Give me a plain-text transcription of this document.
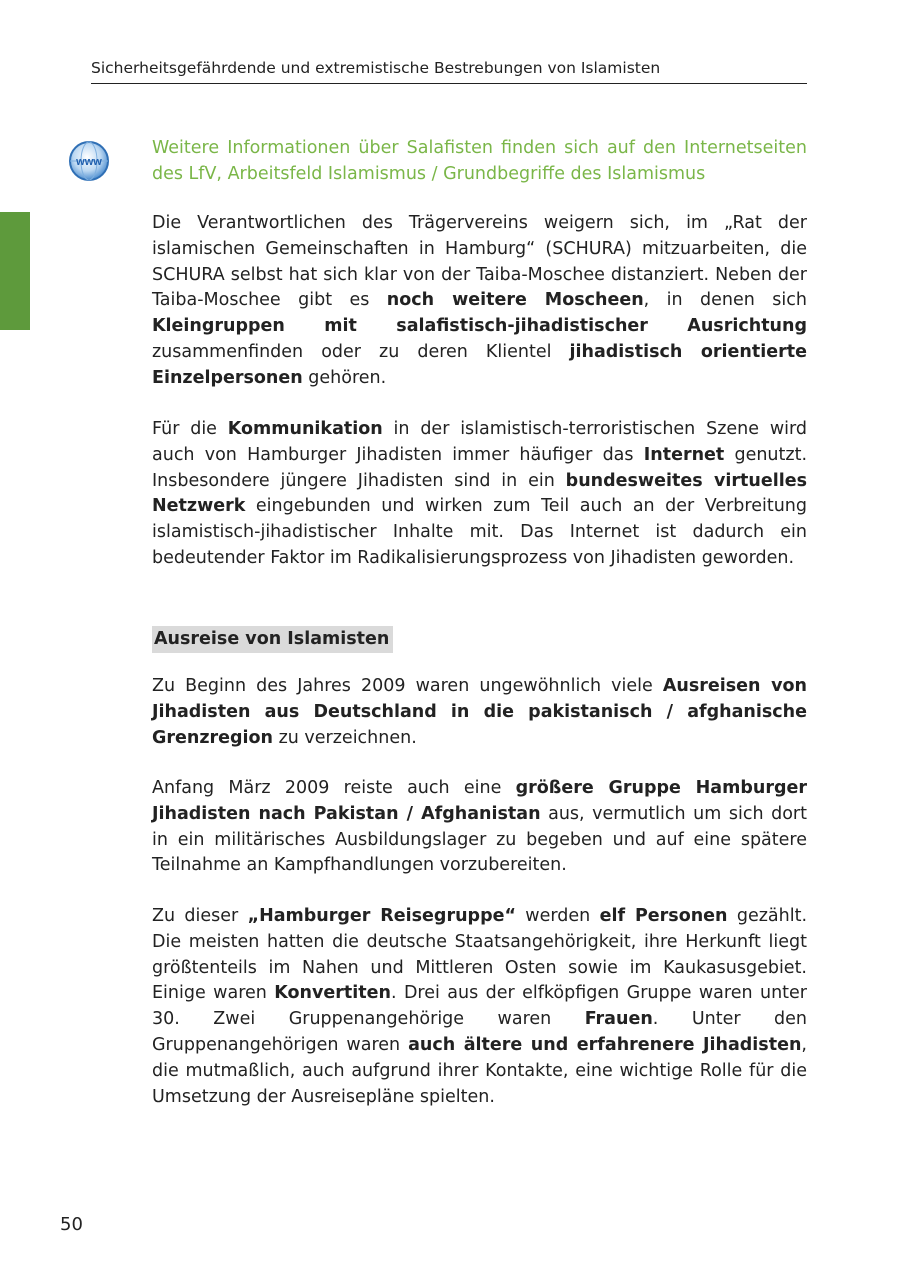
Sicherheitsgefährdende und extremistische Bestrebungen von Islamisten
www
Weitere Informationen über Salafisten finden sich auf den Internetseiten
des LfV, Arbeitsfeld Islamismus / Grundbegriffe des Islamismus

Die Verantwortlichen des Trägervereins weigern sich, im „Rat der islamischen Gemeinschaften in Hamburg“ (SCHURA) mitzuarbeiten, die SCHURA selbst hat sich klar von der Taiba-Moschee distanziert. Neben der Taiba-Moschee gibt es noch weitere Moscheen, in denen sich Kleingruppen mit salafistisch-jihadistischer Ausrichtung zusammenfinden oder zu deren Klientel jihadistisch orientierte Einzelpersonen gehören.

Für die Kommunikation in der islamistisch-terroristischen Szene wird auch von Hamburger Jihadisten immer häufiger das Internet genutzt. Insbesondere jüngere Jihadisten sind in ein bundesweites virtuelles Netzwerk eingebunden und wirken zum Teil auch an der Verbreitung islamistisch-jihadistischer Inhalte mit. Das Internet ist dadurch ein bedeutender Faktor im Radikalisierungsprozess von Jihadisten geworden.

Ausreise von Islamisten

Zu Beginn des Jahres 2009 waren ungewöhnlich viele Ausreisen von Jihadisten aus Deutschland in die pakistanisch / afghanische Grenzregion zu verzeichnen.

Anfang März 2009 reiste auch eine größere Gruppe Hamburger Jihadisten nach Pakistan / Afghanistan aus, vermutlich um sich dort in ein militärisches Ausbildungslager zu begeben und auf eine spätere Teilnahme an Kampfhandlungen vorzubereiten.

Zu dieser „Hamburger Reisegruppe“ werden elf Personen gezählt. Die meisten hatten die deutsche Staatsangehörigkeit, ihre Herkunft liegt größtenteils im Nahen und Mittleren Osten sowie im Kaukasusgebiet. Einige waren Konvertiten. Drei aus der elfköpfigen Gruppe waren unter 30. Zwei Gruppenangehörige waren Frauen. Unter den Gruppenangehörigen waren auch ältere und erfahrenere Jihadisten, die mutmaßlich, auch aufgrund ihrer Kontakte, eine wichtige Rolle für die Umsetzung der Ausreisepläne spielten.

50
